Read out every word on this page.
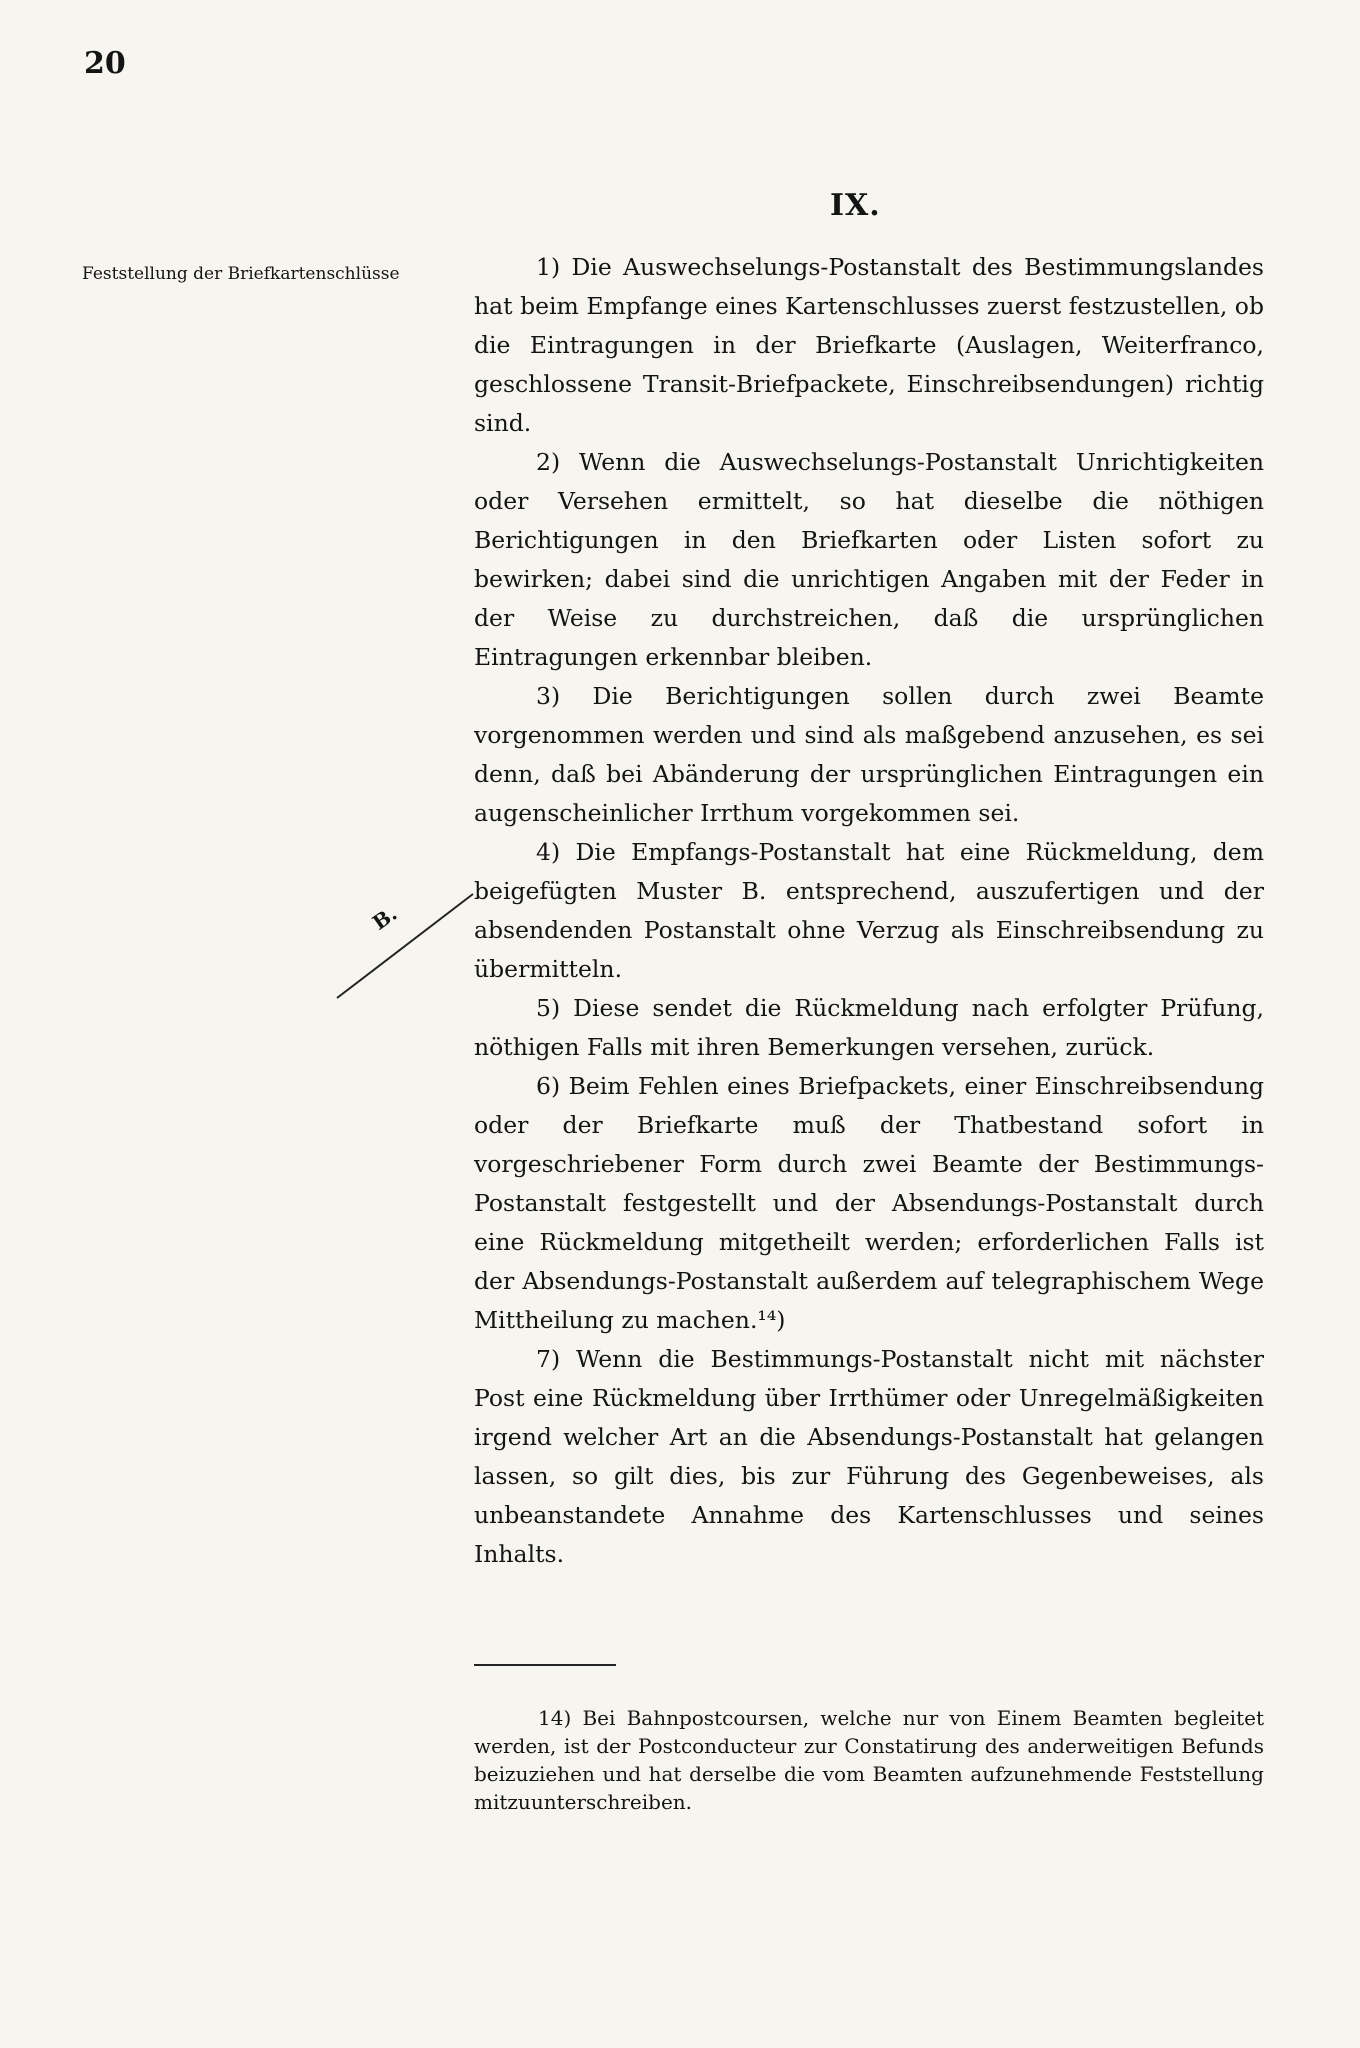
20
IX.
Feststellung der Briefkartenschlüsse
B.

1) Die Auswechselungs-Postanstalt des Bestimmungslandes hat beim Empfange eines Kartenschlusses zuerst festzustellen, ob die Eintragungen in der Briefkarte (Auslagen, Weiterfranco, geschlossene Transit-Briefpackete, Einschreibsendungen) richtig sind.

2) Wenn die Auswechselungs-Postanstalt Unrichtigkeiten oder Versehen ermittelt, so hat dieselbe die nöthigen Berichtigungen in den Briefkarten oder Listen sofort zu bewirken; dabei sind die unrichtigen Angaben mit der Feder in der Weise zu durchstreichen, daß die ursprünglichen Eintragungen erkennbar bleiben.

3) Die Berichtigungen sollen durch zwei Beamte vorgenommen werden und sind als maßgebend anzusehen, es sei denn, daß bei Abänderung der ursprünglichen Eintragungen ein augenscheinlicher Irrthum vorgekommen sei.

4) Die Empfangs-Postanstalt hat eine Rückmeldung, dem beigefügten Muster B. entsprechend, auszufertigen und der absendenden Postanstalt ohne Verzug als Einschreibsendung zu übermitteln.

5) Diese sendet die Rückmeldung nach erfolgter Prüfung, nöthigen Falls mit ihren Bemerkungen versehen, zurück.

6) Beim Fehlen eines Briefpackets, einer Einschreibsendung oder der Briefkarte muß der Thatbestand sofort in vorgeschriebener Form durch zwei Beamte der Bestimmungs-Postanstalt festgestellt und der Absendungs-Postanstalt durch eine Rückmeldung mitgetheilt werden; erforderlichen Falls ist der Absendungs-Postanstalt außerdem auf telegraphischem Wege Mittheilung zu machen.¹⁴)

7) Wenn die Bestimmungs-Postanstalt nicht mit nächster Post eine Rückmeldung über Irrthümer oder Unregelmäßigkeiten irgend welcher Art an die Absendungs-Postanstalt hat gelangen lassen, so gilt dies, bis zur Führung des Gegenbeweises, als unbeanstandete Annahme des Kartenschlusses und seines Inhalts.

14) Bei Bahnpostcoursen, welche nur von Einem Beamten begleitet werden, ist der Postconducteur zur Constatirung des anderweitigen Befunds beizuziehen und hat derselbe die vom Beamten aufzunehmende Feststellung mitzuunterschreiben.
